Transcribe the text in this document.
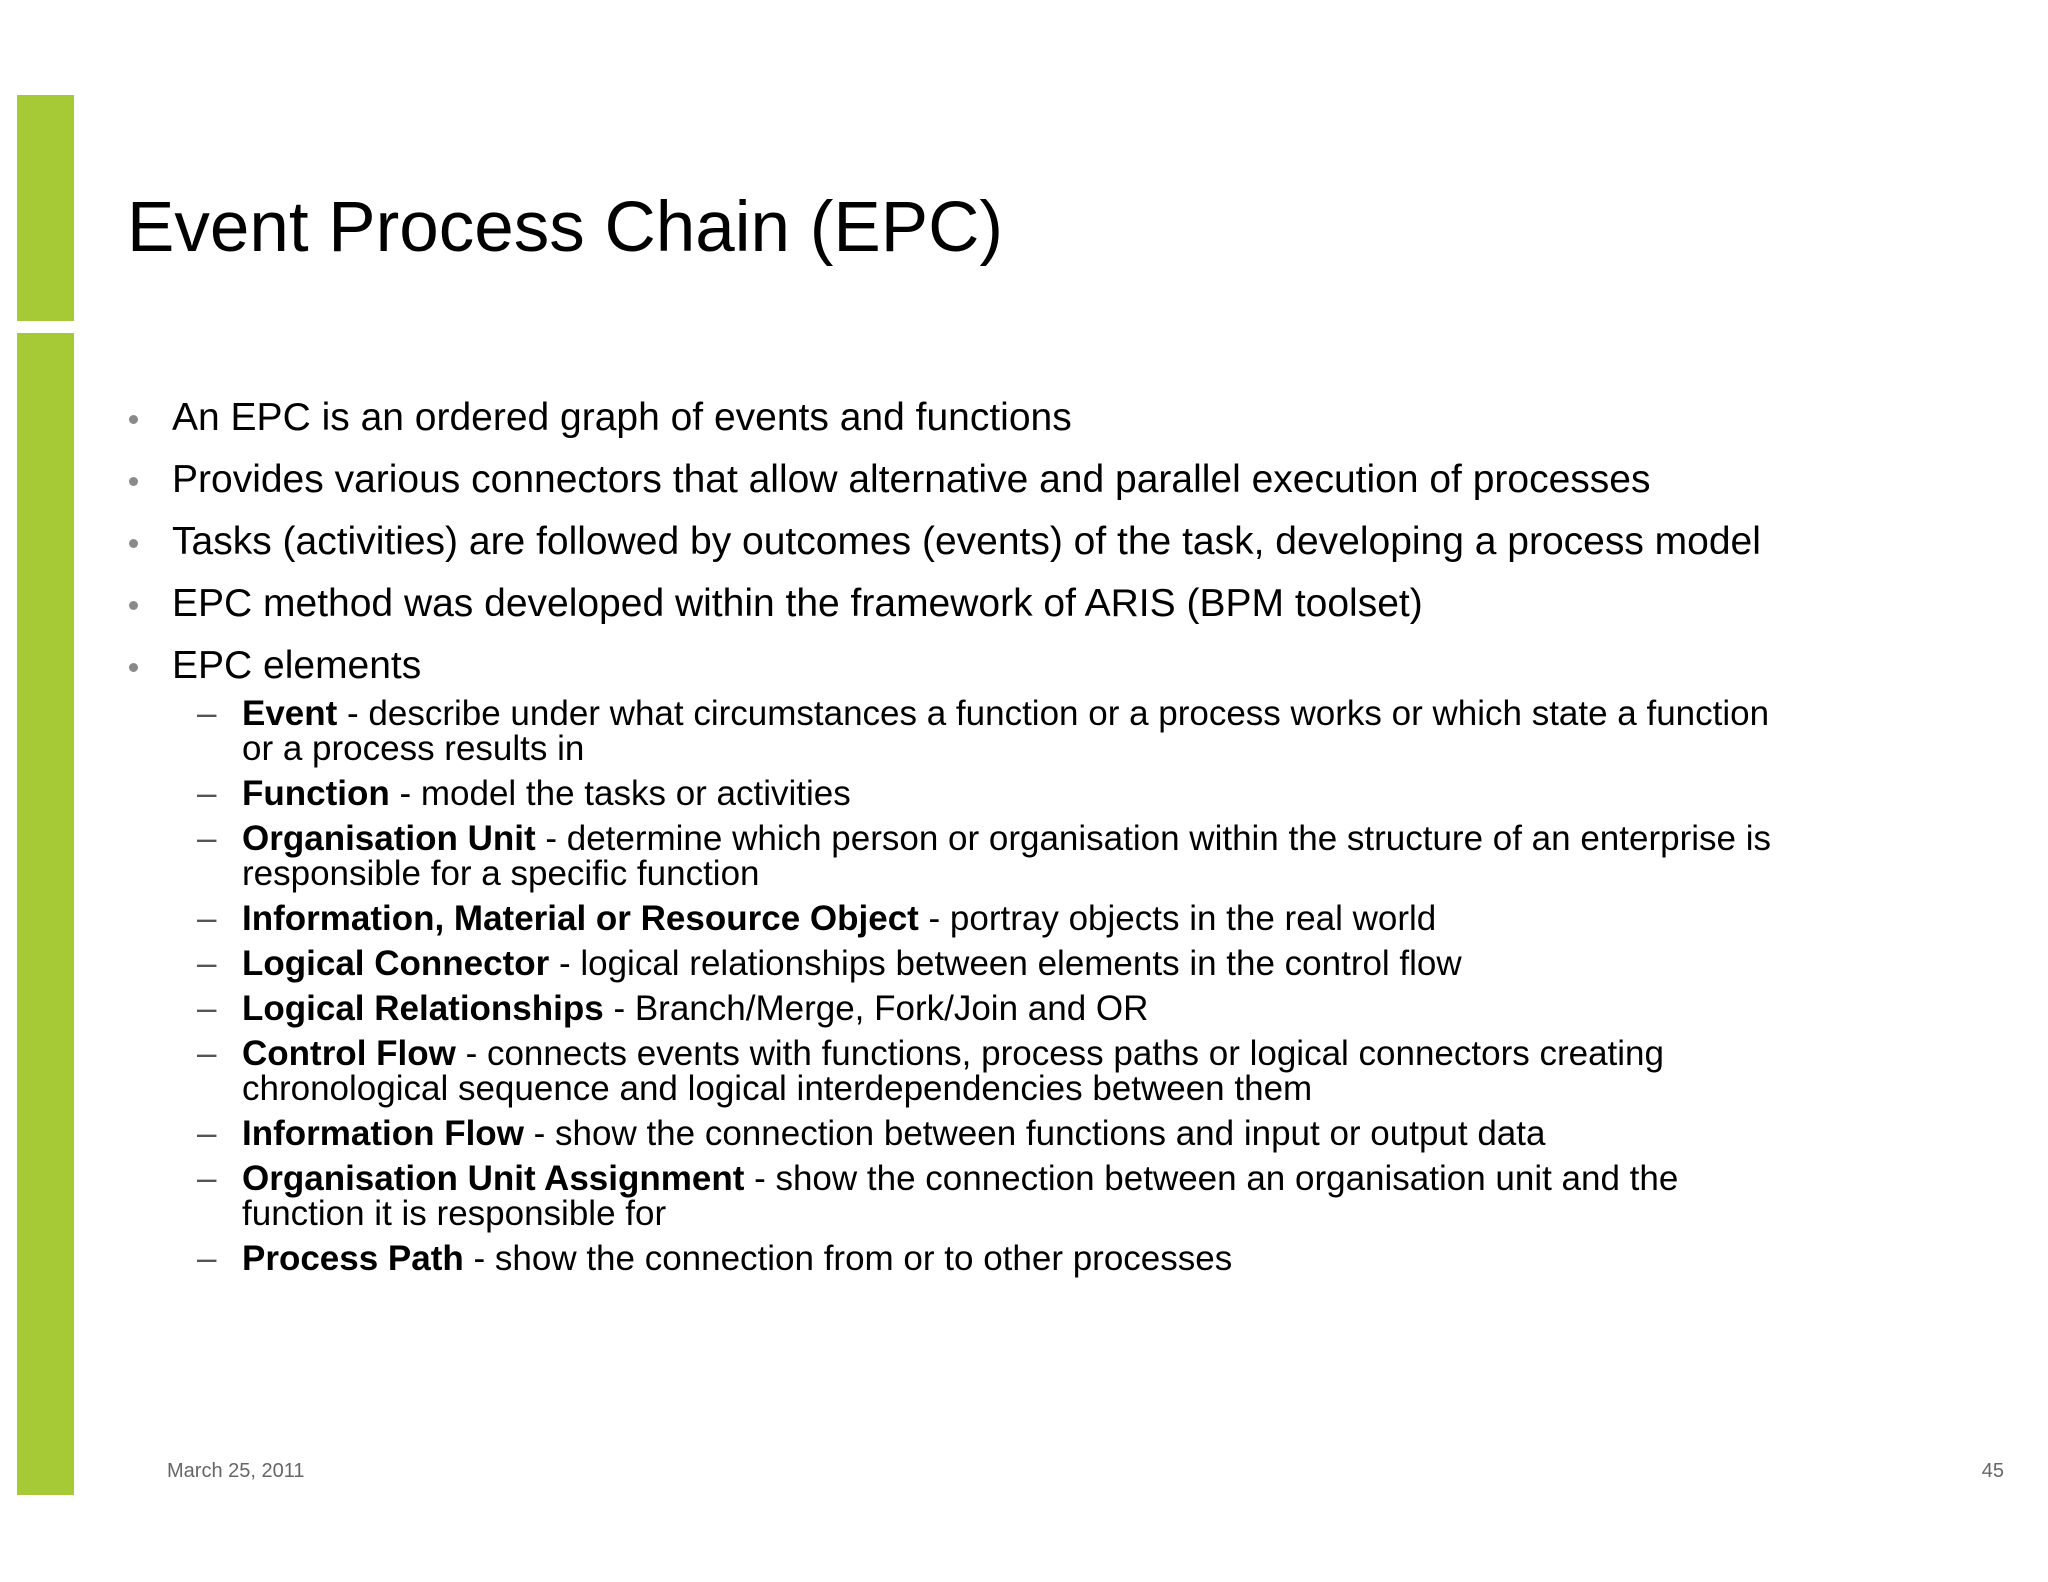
Event Process Chain (EPC)
An EPC is an ordered graph of events and functions
Provides various connectors that allow alternative and parallel execution of processes
Tasks (activities) are followed by outcomes (events) of the task, developing a process model
EPC method was developed within the framework of ARIS (BPM toolset)
EPC elements
– Event - describe under what circumstances a function or a process works or which state a function
or a process results in
– Function - model the tasks or activities
– Organisation Unit - determine which person or organisation within the structure of an enterprise is
responsible for a specific function
– Information, Material or Resource Object - portray objects in the real world
– Logical Connector - logical relationships between elements in the control flow
– Logical Relationships - Branch/Merge, Fork/Join and OR
– Control Flow - connects events with functions, process paths or logical connectors creating
chronological sequence and logical interdependencies between them
– Information Flow - show the connection between functions and input or output data
– Organisation Unit Assignment - show the connection between an organisation unit and the
function it is responsible for
– Process Path - show the connection from or to other processes
March 25, 2011	45
